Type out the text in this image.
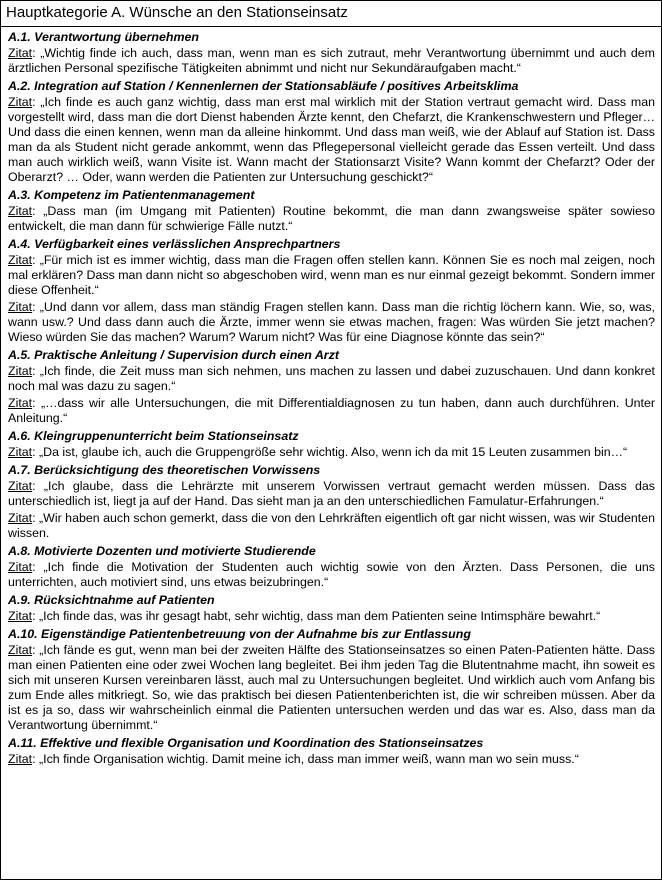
Hauptkategorie A. Wünsche an den Stationseinsatz
A.1. Verantwortung übernehmen
Zitat: „Wichtig finde ich auch, dass man, wenn man es sich zutraut, mehr Verantwortung übernimmt und auch dem ärztlichen Personal spezifische Tätigkeiten abnimmt und nicht nur Sekundäraufgaben macht.“
A.2. Integration auf Station / Kennenlernen der Stationsabläufe / positives Arbeitsklima
Zitat: „Ich finde es auch ganz wichtig, dass man erst mal wirklich mit der Station vertraut gemacht wird. Dass man vorgestellt wird, dass man die dort Dienst habenden Ärzte kennt, den Chefarzt, die Krankenschwestern und Pfleger… Und dass die einen kennen, wenn man da alleine hinkommt. Und dass man weiß, wie der Ablauf auf Station ist. Dass man da als Student nicht gerade ankommt, wenn das Pflegepersonal vielleicht gerade das Essen verteilt. Und dass man auch wirklich weiß, wann Visite ist. Wann macht der Stationsarzt Visite? Wann kommt der Chefarzt? Oder der Oberarzt? … Oder, wann werden die Patienten zur Untersuchung geschickt?“
A.3. Kompetenz im Patientenmanagement
Zitat: „Dass man (im Umgang mit Patienten) Routine bekommt, die man dann zwangsweise später sowieso entwickelt, die man dann für schwierige Fälle nutzt.“
A.4. Verfügbarkeit eines verlässlichen Ansprechpartners
Zitat: „Für mich ist es immer wichtig, dass man die Fragen offen stellen kann. Können Sie es noch mal zeigen, noch mal erklären? Dass man dann nicht so abgeschoben wird, wenn man es nur einmal gezeigt bekommt. Sondern immer diese Offenheit.“
Zitat: „Und dann vor allem, dass man ständig Fragen stellen kann. Dass man die richtig löchern kann. Wie, so, was, wann usw.? Und dass dann auch die Ärzte, immer wenn sie etwas machen, fragen: Was würden Sie jetzt machen? Wieso würden Sie das machen? Warum? Warum nicht? Was für eine Diagnose könnte das sein?“
A.5. Praktische Anleitung / Supervision durch einen Arzt
Zitat: „Ich finde, die Zeit muss man sich nehmen, uns machen zu lassen und dabei zuzuschauen. Und dann konkret noch mal was dazu zu sagen.“
Zitat: „…dass wir alle Untersuchungen, die mit Differentialdiagnosen zu tun haben, dann auch durchführen. Unter Anleitung.“
A.6. Kleingruppenunterricht beim Stationseinsatz
Zitat: „Da ist, glaube ich, auch die Gruppengröße sehr wichtig. Also, wenn ich da mit 15 Leuten zusammen bin…“
A.7. Berücksichtigung des theoretischen Vorwissens
Zitat: „Ich glaube, dass die Lehrärzte mit unserem Vorwissen vertraut gemacht werden müssen. Dass das unterschiedlich ist, liegt ja auf der Hand. Das sieht man ja an den unterschiedlichen Famulatur-Erfahrungen.“
Zitat: „Wir haben auch schon gemerkt, dass die von den Lehrkräften eigentlich oft gar nicht wissen, was wir Studenten wissen.
A.8. Motivierte Dozenten und motivierte Studierende
Zitat: „Ich finde die Motivation der Studenten auch wichtig sowie von den Ärzten. Dass Personen, die uns unterrichten, auch motiviert sind, uns etwas beizubringen.“
A.9. Rücksichtnahme auf Patienten
Zitat: „Ich finde das, was ihr gesagt habt, sehr wichtig, dass man dem Patienten seine Intimsphäre bewahrt.“
A.10. Eigenständige Patientenbetreuung von der Aufnahme bis zur Entlassung
Zitat: „Ich fände es gut, wenn man bei der zweiten Hälfte des Stationseinsatzes so einen Paten-Patienten hätte. Dass man einen Patienten eine oder zwei Wochen lang begleitet. Bei ihm jeden Tag die Blutentnahme macht, ihn soweit es sich mit unseren Kursen vereinbaren lässt, auch mal zu Untersuchungen begleitet. Und wirklich auch vom Anfang bis zum Ende alles mitkriegt. So, wie das praktisch bei diesen Patientenberichten ist, die wir schreiben müssen. Aber da ist es ja so, dass wir wahrscheinlich einmal die Patienten untersuchen werden und das war es. Also, dass man da Verantwortung übernimmt.“
A.11. Effektive und flexible Organisation und Koordination des Stationseinsatzes
Zitat: „Ich finde Organisation wichtig. Damit meine ich, dass man immer weiß, wann man wo sein muss.“
